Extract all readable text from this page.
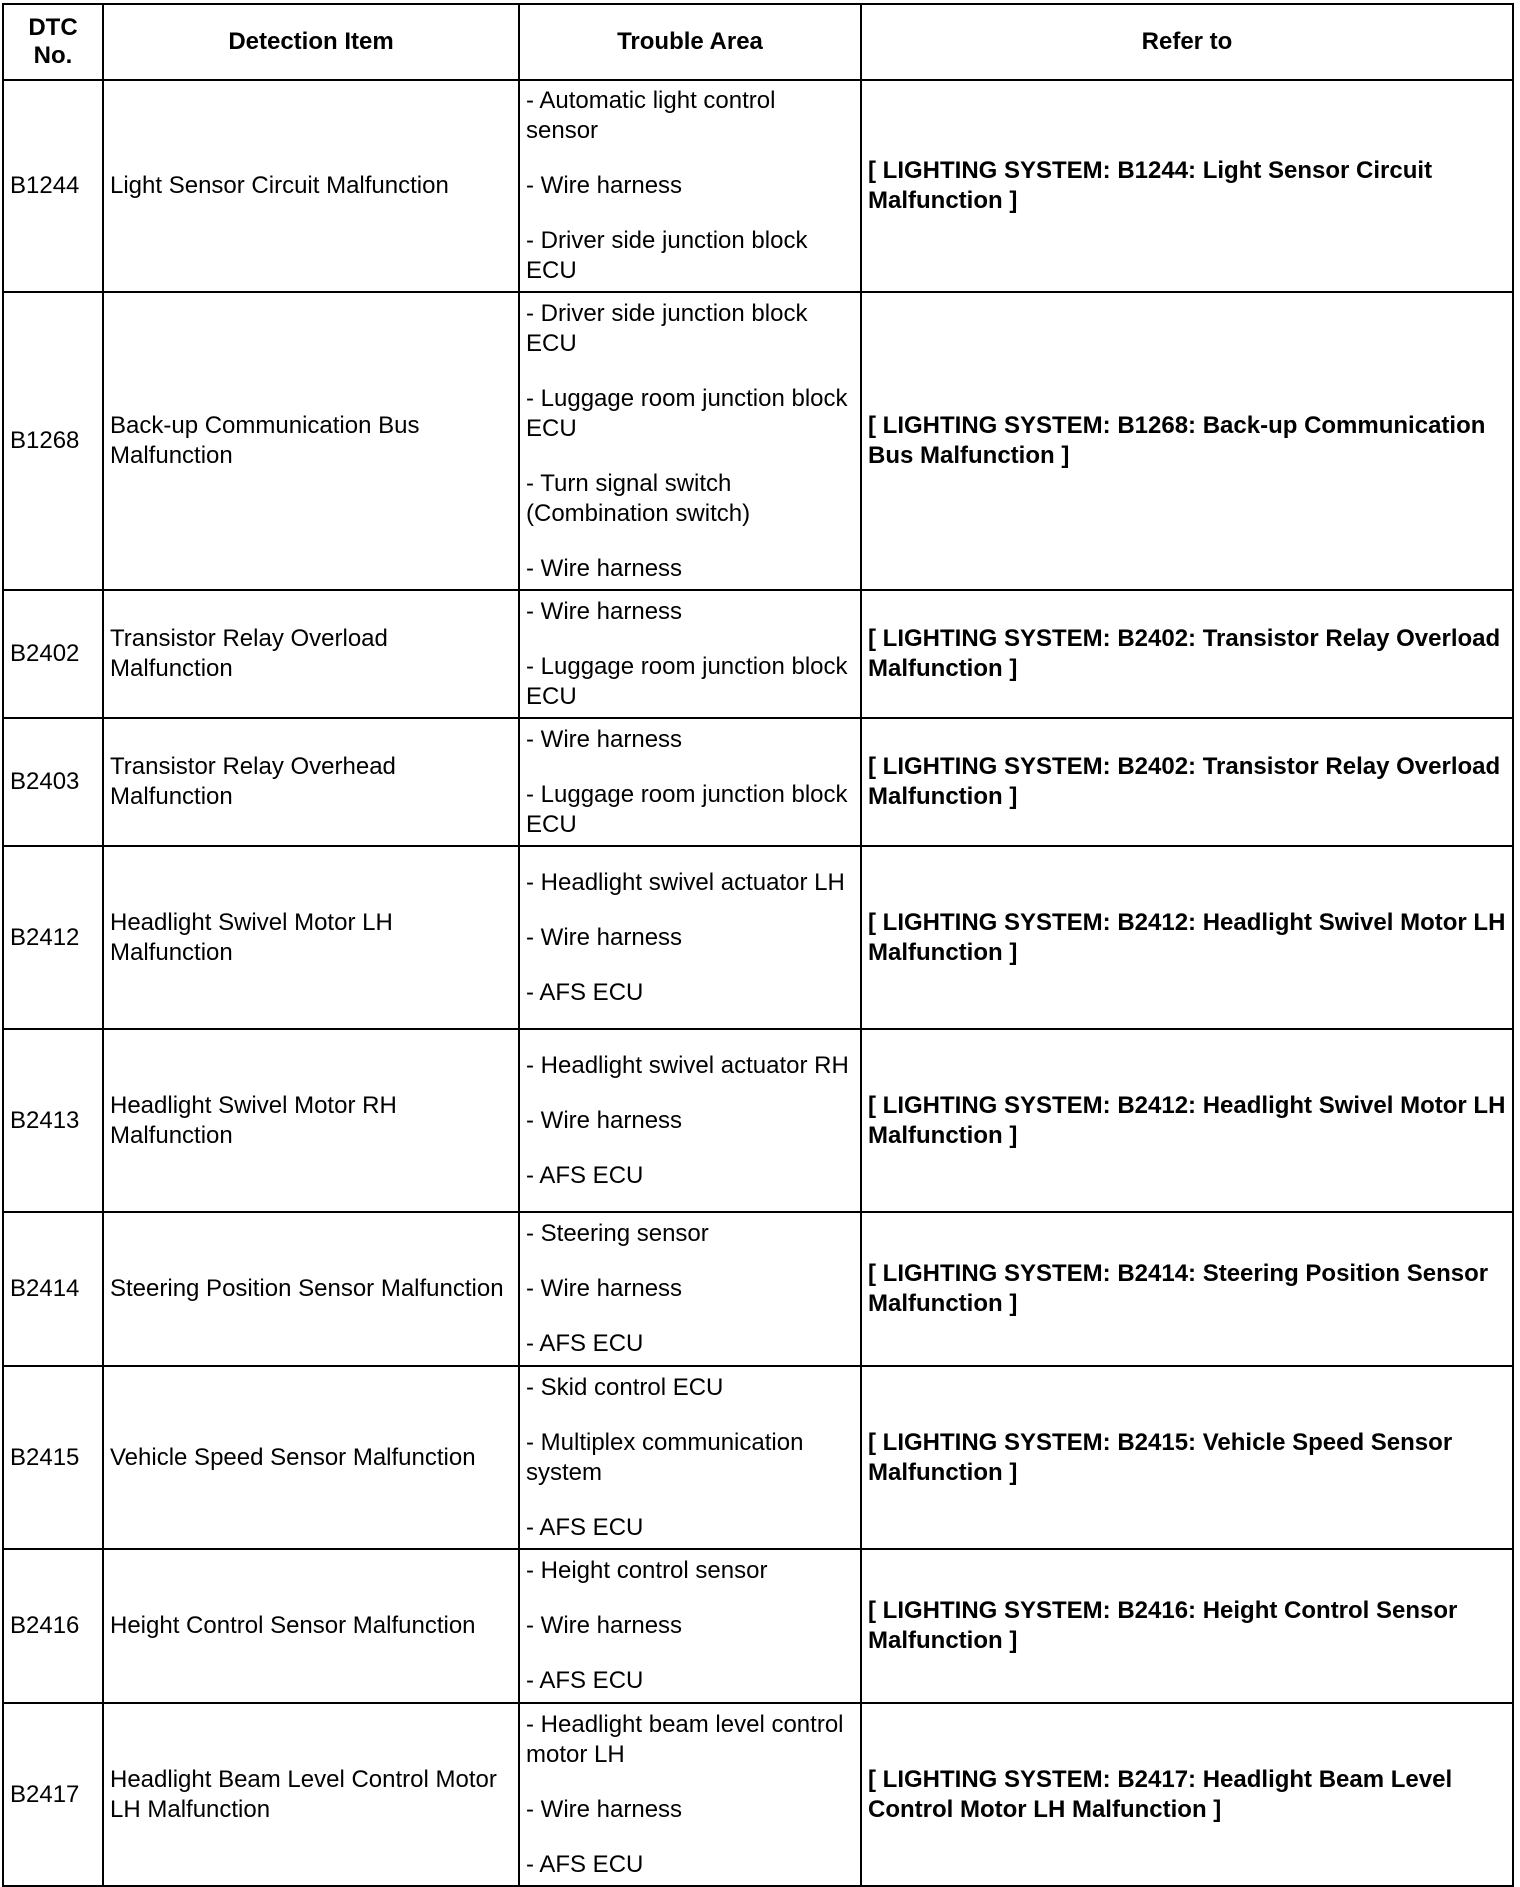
DTC No.	Detection Item	Trouble Area	Refer to
B1244	Light Sensor Circuit Malfunction	- Automatic light control sensor
- Wire harness
- Driver side junction block ECU	[ LIGHTING SYSTEM: B1244: Light Sensor Circuit Malfunction ]
B1268	Back-up Communication Bus Malfunction	- Driver side junction block ECU
- Luggage room junction block ECU
- Turn signal switch (Combination switch)
- Wire harness	[ LIGHTING SYSTEM: B1268: Back-up Communication Bus Malfunction ]
B2402	Transistor Relay Overload Malfunction	- Wire harness
- Luggage room junction block ECU	[ LIGHTING SYSTEM: B2402: Transistor Relay Overload Malfunction ]
B2403	Transistor Relay Overhead Malfunction	- Wire harness
- Luggage room junction block ECU	[ LIGHTING SYSTEM: B2402: Transistor Relay Overload Malfunction ]
B2412	Headlight Swivel Motor LH Malfunction	- Headlight swivel actuator LH
- Wire harness
- AFS ECU	[ LIGHTING SYSTEM: B2412: Headlight Swivel Motor LH Malfunction ]
B2413	Headlight Swivel Motor RH Malfunction	- Headlight swivel actuator RH
- Wire harness
- AFS ECU	[ LIGHTING SYSTEM: B2412: Headlight Swivel Motor LH Malfunction ]
B2414	Steering Position Sensor Malfunction	- Steering sensor
- Wire harness
- AFS ECU	[ LIGHTING SYSTEM: B2414: Steering Position Sensor Malfunction ]
B2415	Vehicle Speed Sensor Malfunction	- Skid control ECU
- Multiplex communication system
- AFS ECU	[ LIGHTING SYSTEM: B2415: Vehicle Speed Sensor Malfunction ]
B2416	Height Control Sensor Malfunction	- Height control sensor
- Wire harness
- AFS ECU	[ LIGHTING SYSTEM: B2416: Height Control Sensor Malfunction ]
B2417	Headlight Beam Level Control Motor LH Malfunction	- Headlight beam level control motor LH
- Wire harness
- AFS ECU	[ LIGHTING SYSTEM: B2417: Headlight Beam Level Control Motor LH Malfunction ]
